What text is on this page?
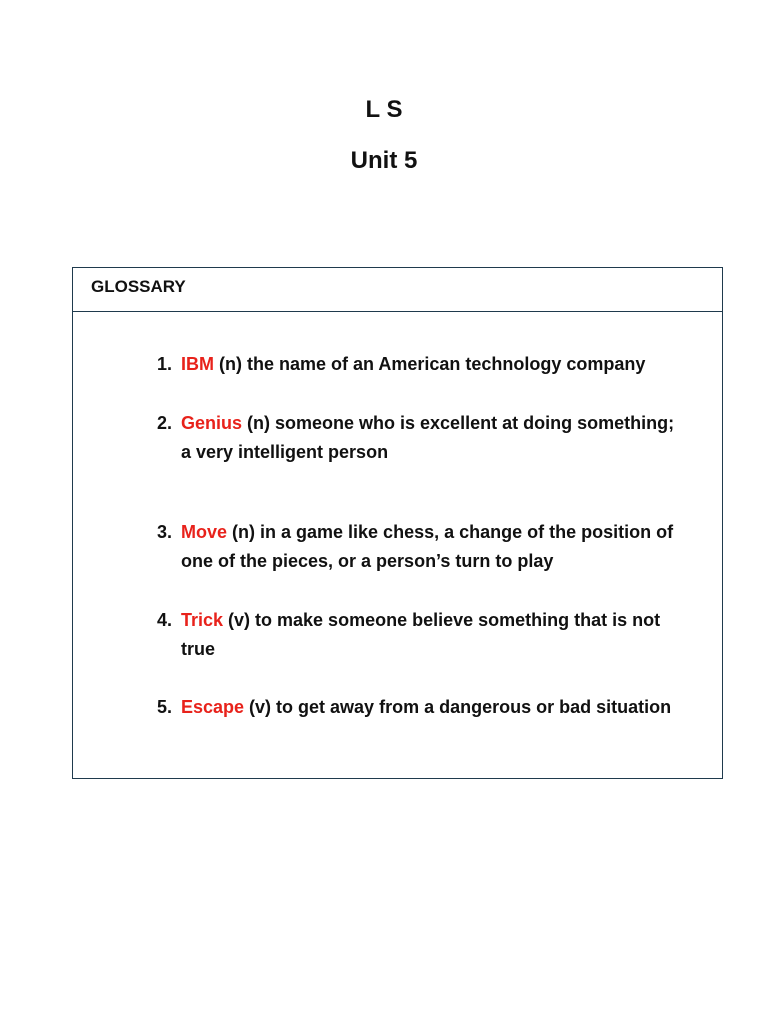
L S
Unit 5

GLOSSARY

1. IBM (n) the name of an American technology company
2. Genius (n) someone who is excellent at doing something; a very intelligent person
3. Move (n) in a game like chess, a change of the position of one of the pieces, or a person’s turn to play
4. Trick (v) to make someone believe something that is not true
5. Escape (v) to get away from a dangerous or bad situation
